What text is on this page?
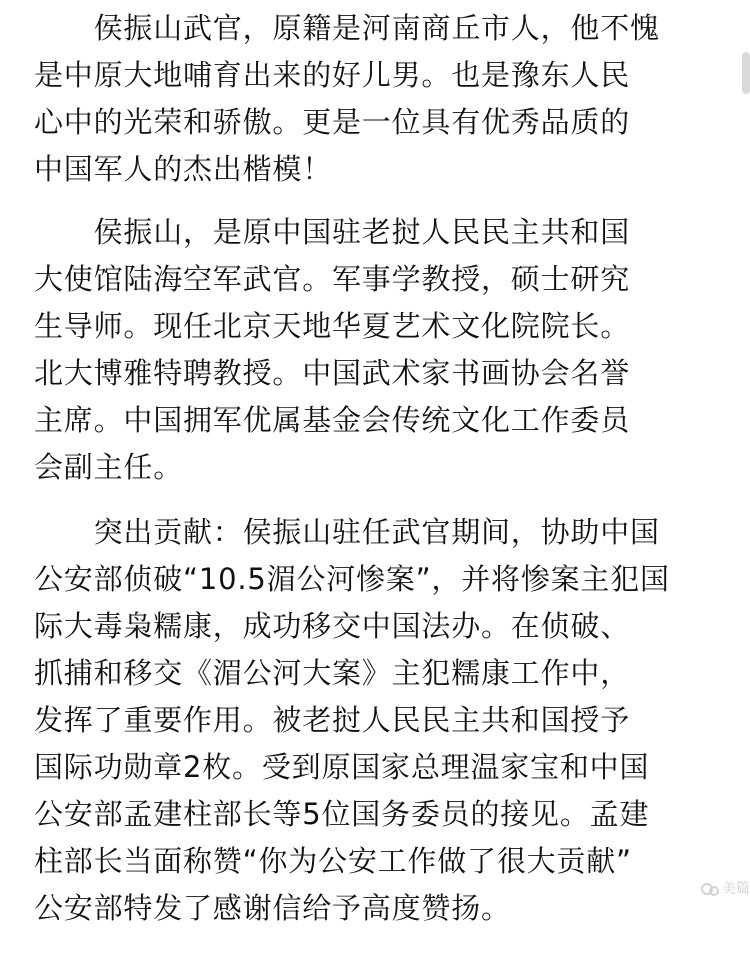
　　侯振山武官，原籍是河南商丘市人，他不愧
是中原大地哺育出来的好儿男。也是豫东人民
心中的光荣和骄傲。更是一位具有优秀品质的
中国军人的杰出楷模！
　　侯振山，是原中国驻老挝人民民主共和国
大使馆陆海空军武官。军事学教授，硕士研究
生导师。现任北京天地华夏艺术文化院院长。
北大博雅特聘教授。中国武术家书画协会名誉
主席。中国拥军优属基金会传统文化工作委员
会副主任。
　　突出贡献：侯振山驻任武官期间，协助中国
公安部侦破“10.5湄公河惨案”，并将惨案主犯国
际大毒枭糯康，成功移交中国法办。在侦破、
抓捕和移交《湄公河大案》主犯糯康工作中，
发挥了重要作用。被老挝人民民主共和国授予
国际功勋章2枚。受到原国家总理温家宝和中国
公安部孟建柱部长等5位国务委员的接见。孟建
柱部长当面称赞“你为公安工作做了很大贡献”
公安部特发了感谢信给予高度赞扬。
美篇
